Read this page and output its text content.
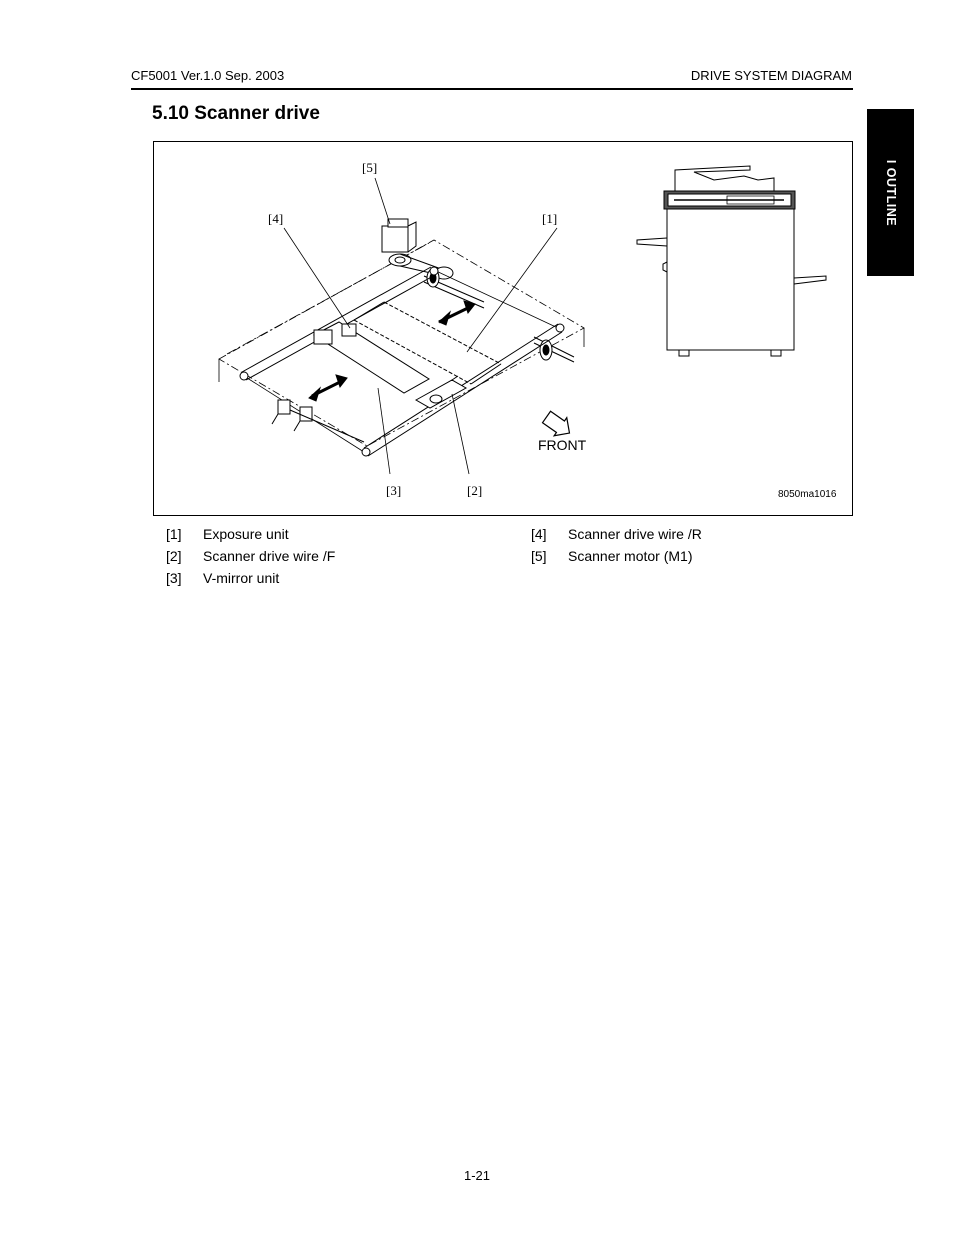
CF5001 Ver.1.0 Sep. 2003	DRIVE SYSTEM DIAGRAM
I OUTLINE
5.10 Scanner drive
[5]
[4]	[1]
[3]	[2]
FRONT
8050ma1016
[1] Exposure unit
[2] Scanner drive wire /F
[3] V-mirror unit
[4] Scanner drive wire /R
[5] Scanner motor (M1)
1-21
